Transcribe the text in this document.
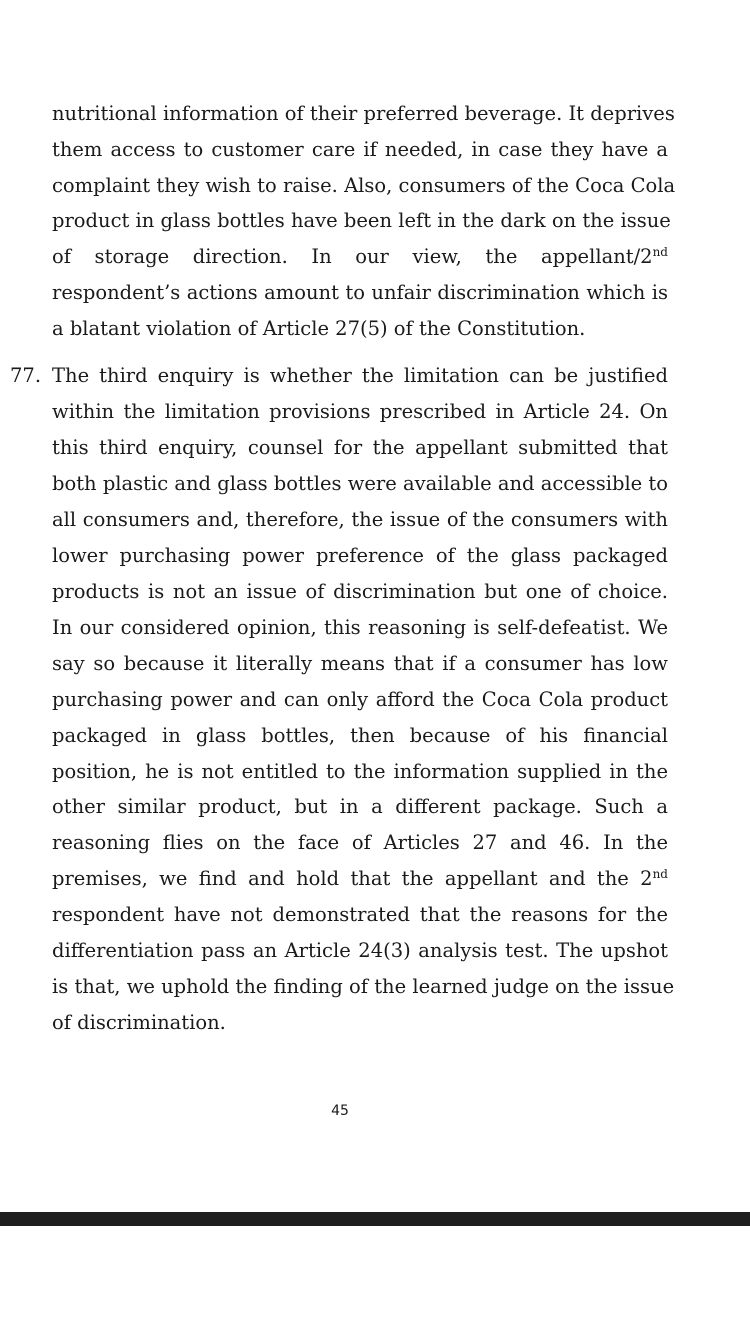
nutritional information of their preferred beverage. It deprives
them access to customer care if needed, in case they have a
complaint they wish to raise. Also, consumers of the Coca Cola
product in glass bottles have been left in the dark on the issue
of storage direction. In our view, the appellant/2nd
respondent’s actions amount to unfair discrimination which is
a blatant violation of Article 27(5) of the Constitution.
77. The third enquiry is whether the limitation can be justified
within the limitation provisions prescribed in Article 24. On
this third enquiry, counsel for the appellant submitted that
both plastic and glass bottles were available and accessible to
all consumers and, therefore, the issue of the consumers with
lower purchasing power preference of the glass packaged
products is not an issue of discrimination but one of choice.
In our considered opinion, this reasoning is self-defeatist. We
say so because it literally means that if a consumer has low
purchasing power and can only afford the Coca Cola product
packaged in glass bottles, then because of his financial
position, he is not entitled to the information supplied in the
other similar product, but in a different package. Such a
reasoning flies on the face of Articles 27 and 46. In the
premises, we find and hold that the appellant and the 2nd
respondent have not demonstrated that the reasons for the
differentiation pass an Article 24(3) analysis test. The upshot
is that, we uphold the finding of the learned judge on the issue
of discrimination.
45
